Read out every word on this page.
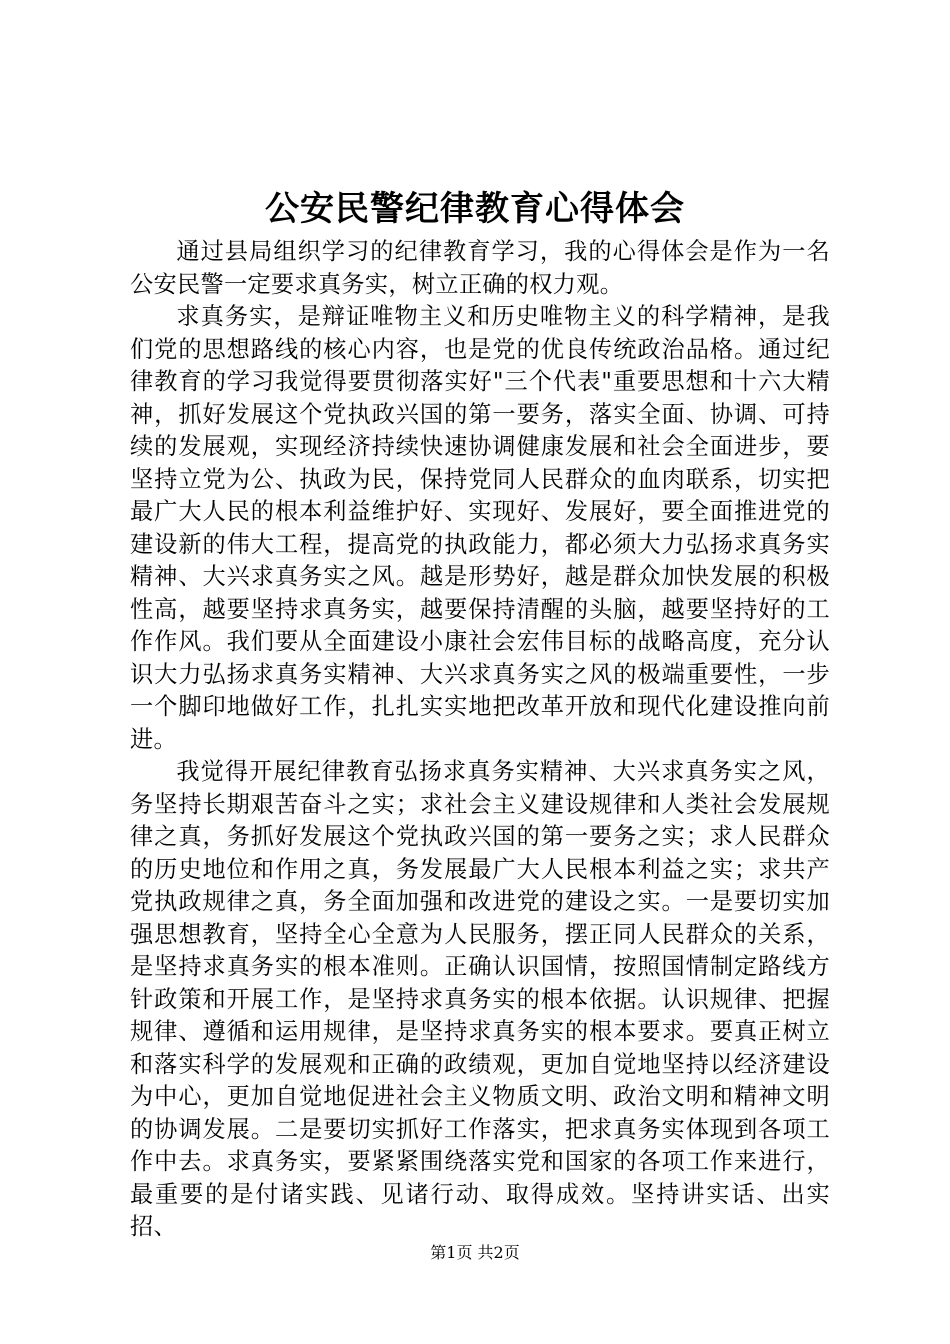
公安民警纪律教育心得体会

通过县局组织学习的纪律教育学习，我的心得体会是作为一名公安民警一定要求真务实，树立正确的权力观。

求真务实，是辩证唯物主义和历史唯物主义的科学精神，是我们党的思想路线的核心内容，也是党的优良传统政治品格。通过纪律教育的学习我觉得要贯彻落实好"三个代表"重要思想和十六大精神，抓好发展这个党执政兴国的第一要务，落实全面、协调、可持续的发展观，实现经济持续快速协调健康发展和社会全面进步，要坚持立党为公、执政为民，保持党同人民群众的血肉联系，切实把最广大人民的根本利益维护好、实现好、发展好，要全面推进党的建设新的伟大工程，提高党的执政能力，都必须大力弘扬求真务实精神、大兴求真务实之风。越是形势好，越是群众加快发展的积极性高，越要坚持求真务实，越要保持清醒的头脑，越要坚持好的工作作风。我们要从全面建设小康社会宏伟目标的战略高度，充分认识大力弘扬求真务实精神、大兴求真务实之风的极端重要性，一步一个脚印地做好工作，扎扎实实地把改革开放和现代化建设推向前进。

我觉得开展纪律教育弘扬求真务实精神、大兴求真务实之风，务坚持长期艰苦奋斗之实；求社会主义建设规律和人类社会发展规律之真，务抓好发展这个党执政兴国的第一要务之实；求人民群众的历史地位和作用之真，务发展最广大人民根本利益之实；求共产党执政规律之真，务全面加强和改进党的建设之实。一是要切实加强思想教育，坚持全心全意为人民服务，摆正同人民群众的关系，是坚持求真务实的根本准则。正确认识国情，按照国情制定路线方针政策和开展工作，是坚持求真务实的根本依据。认识规律、把握规律、遵循和运用规律，是坚持求真务实的根本要求。要真正树立和落实科学的发展观和正确的政绩观，更加自觉地坚持以经济建设为中心，更加自觉地促进社会主义物质文明、政治文明和精神文明的协调发展。二是要切实抓好工作落实，把求真务实体现到各项工作中去。求真务实，要紧紧围绕落实党和国家的各项工作来进行，最重要的是付诸实践、见诸行动、取得成效。坚持讲实话、出实招、

第1页 共2页
